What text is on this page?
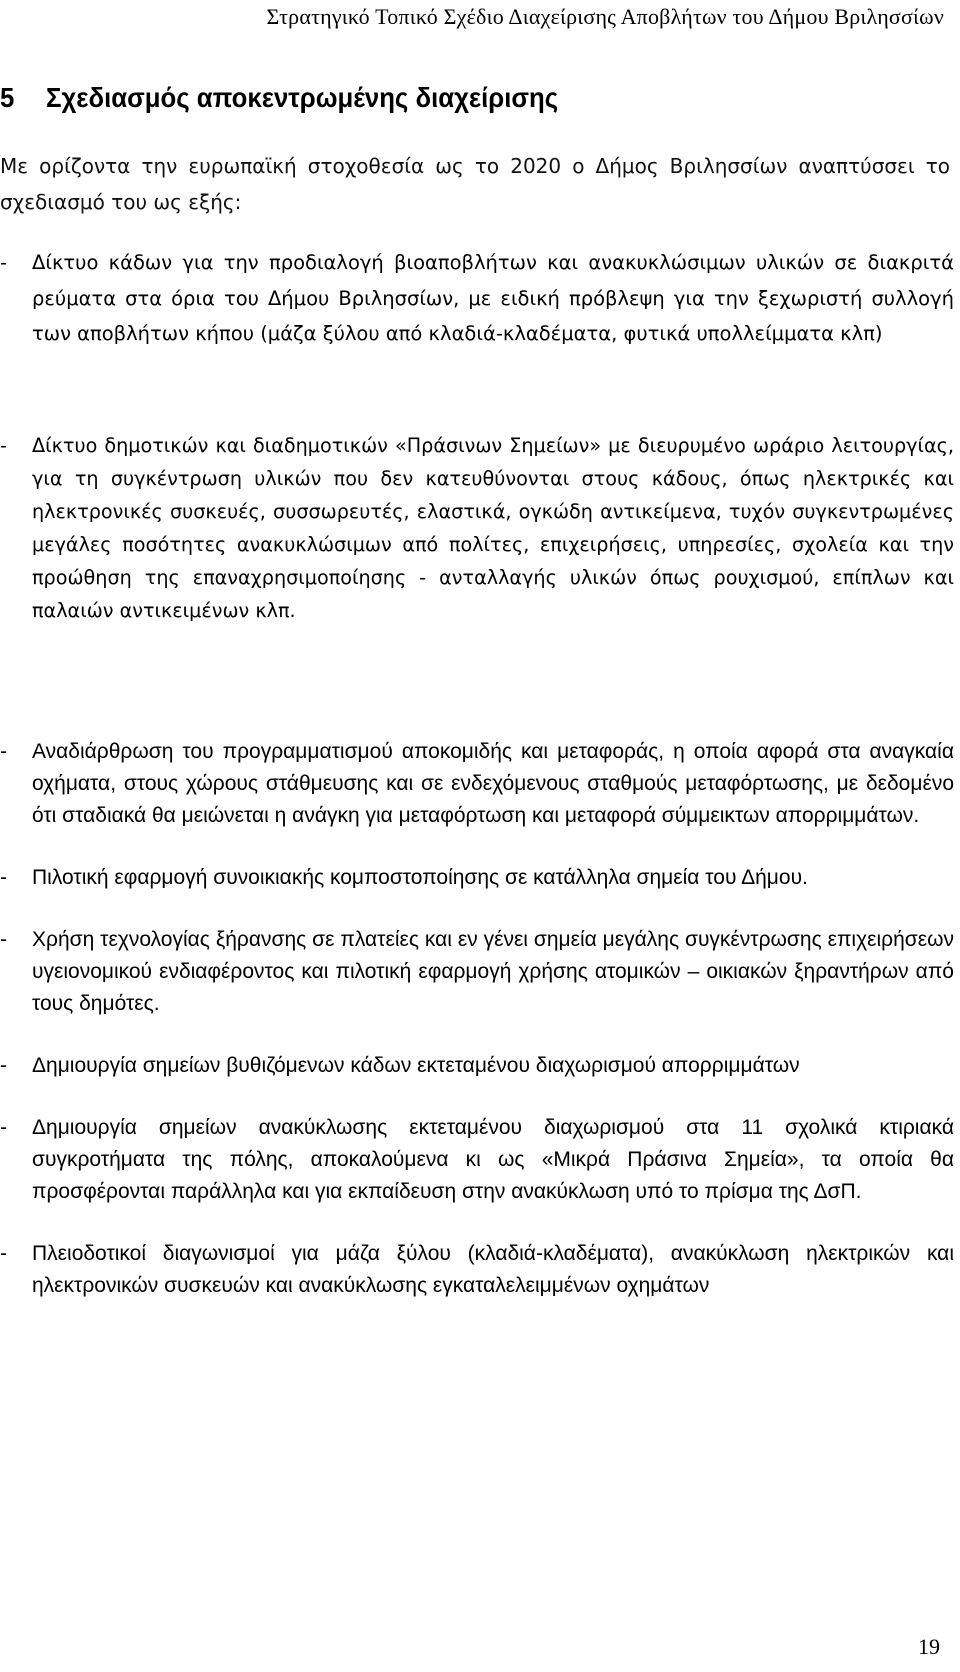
Στρατηγικό Τοπικό Σχέδιο Διαχείρισης Αποβλήτων του Δήμου Βριλησσίων
5 Σχεδιασμός αποκεντρωμένης διαχείρισης

Με ορίζοντα την ευρωπαϊκή στοχοθεσία ως το 2020 ο Δήμος Βριλησσίων αναπτύσσει το σχεδιασμό του ως εξής:

- Δίκτυο κάδων για την προδιαλογή βιοαποβλήτων και ανακυκλώσιμων υλικών σε διακριτά ρεύματα στα όρια του Δήμου Βριλησσίων, με ειδική πρόβλεψη για την ξεχωριστή συλλογή των αποβλήτων κήπου (μάζα ξύλου από κλαδιά-κλαδέματα, φυτικά υπολλείμματα κλπ)
- Δίκτυο δημοτικών και διαδημοτικών «Πράσινων Σημείων» με διευρυμένο ωράριο λειτουργίας, για τη συγκέντρωση υλικών που δεν κατευθύνονται στους κάδους, όπως ηλεκτρικές και ηλεκτρονικές συσκευές, συσσωρευτές, ελαστικά, ογκώδη αντικείμενα, τυχόν συγκεντρωμένες μεγάλες ποσότητες ανακυκλώσιμων από πολίτες, επιχειρήσεις, υπηρεσίες, σχολεία και την προώθηση της επαναχρησιμοποίησης - ανταλλαγής υλικών όπως ρουχισμού, επίπλων και παλαιών αντικειμένων κλπ.
- Αναδιάρθρωση του προγραμματισμού αποκομιδής και μεταφοράς, η οποία αφορά στα αναγκαία οχήματα, στους χώρους στάθμευσης και σε ενδεχόμενους σταθμούς μεταφόρτωσης, με δεδομένο ότι σταδιακά θα μειώνεται η ανάγκη για μεταφόρτωση και μεταφορά σύμμεικτων απορριμμάτων.
- Πιλοτική εφαρμογή συνοικιακής κομποστοποίησης σε κατάλληλα σημεία του Δήμου.
- Χρήση τεχνολογίας ξήρανσης σε πλατείες και εν γένει σημεία μεγάλης συγκέντρωσης επιχειρήσεων υγειονομικού ενδιαφέροντος και πιλοτική εφαρμογή χρήσης ατομικών – οικιακών ξηραντήρων από τους δημότες.
- Δημιουργία σημείων βυθιζόμενων κάδων εκτεταμένου διαχωρισμού απορριμμάτων
- Δημιουργία σημείων ανακύκλωσης εκτεταμένου διαχωρισμού στα 11 σχολικά κτιριακά συγκροτήματα της πόλης, αποκαλούμενα κι ως «Μικρά Πράσινα Σημεία», τα οποία θα προσφέρονται παράλληλα και για εκπαίδευση στην ανακύκλωση υπό το πρίσμα της ΔσΠ.
- Πλειοδοτικοί διαγωνισμοί για μάζα ξύλου (κλαδιά-κλαδέματα), ανακύκλωση ηλεκτρικών και ηλεκτρονικών συσκευών και ανακύκλωσης εγκαταλελειμμένων οχημάτων
19
